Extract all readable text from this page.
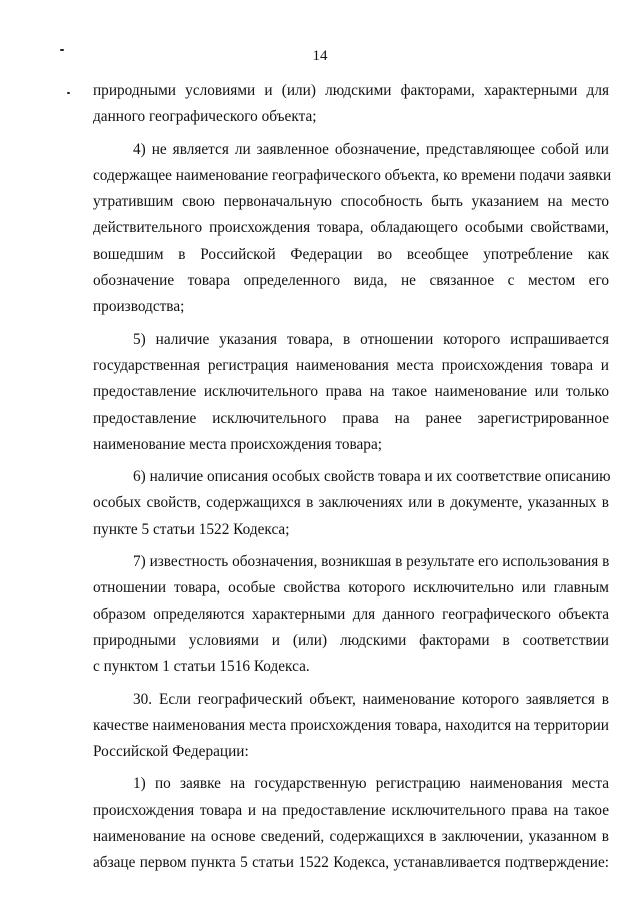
14

природными условиями и (или) людскими факторами, характерными для
данного географического объекта;

4) не является ли заявленное обозначение, представляющее собой или
содержащее наименование географического объекта, ко времени подачи заявки
утратившим свою первоначальную способность быть указанием на место
действительного происхождения товара, обладающего особыми свойствами,
вошедшим в Российской Федерации во всеобщее употребление как
обозначение товара определенного вида, не связанное с местом его
производства;

5) наличие указания товара, в отношении которого испрашивается
государственная регистрация наименования места происхождения товара и
предоставление исключительного права на такое наименование или только
предоставление исключительного права на ранее зарегистрированное
наименование места происхождения товара;

6) наличие описания особых свойств товара и их соответствие описанию
особых свойств, содержащихся в заключениях или в документе, указанных в
пункте 5 статьи 1522 Кодекса;

7) известность обозначения, возникшая в результате его использования в
отношении товара, особые свойства которого исключительно или главным
образом определяются характерными для данного географического объекта
природными условиями и (или) людскими факторами в соответствии
с пунктом 1 статьи 1516 Кодекса.

30. Если географический объект, наименование которого заявляется в
качестве наименования места происхождения товара, находится на территории
Российской Федерации:

1) по заявке на государственную регистрацию наименования места
происхождения товара и на предоставление исключительного права на такое
наименование на основе сведений, содержащихся в заключении, указанном в
абзаце первом пункта 5 статьи 1522 Кодекса, устанавливается подтверждение:
